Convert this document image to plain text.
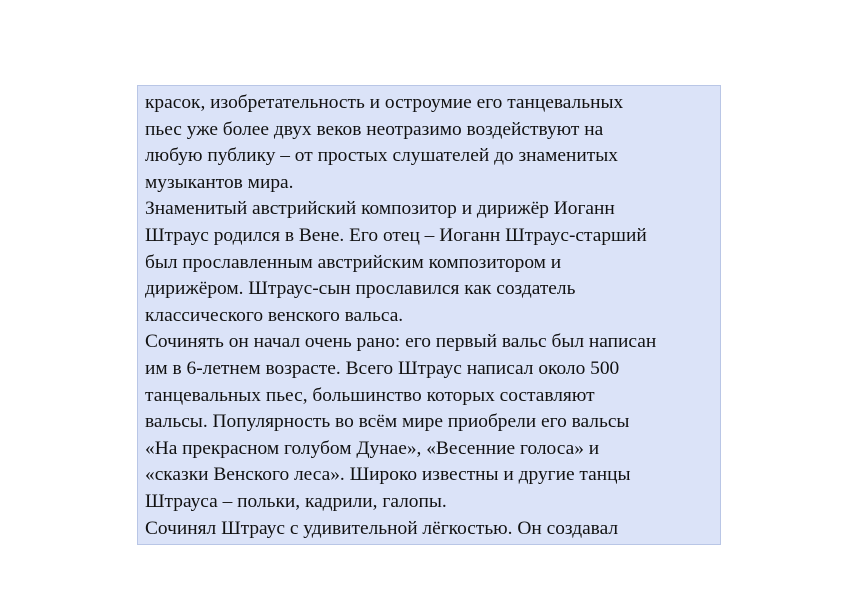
красок, изобретательность и остроумие его танцевальных
пьес уже более двух веков неотразимо воздействуют на
любую публику – от простых слушателей до знаменитых
музыкантов мира.
Знаменитый австрийский композитор и дирижёр Иоганн
Штраус родился в Вене. Его отец – Иоганн Штраус-старший
был прославленным австрийским композитором и
дирижёром. Штраус-сын прославился как создатель
классического венского вальса.
Сочинять он начал очень рано: его первый вальс был написан
им в 6-летнем возрасте. Всего Штраус написал около 500
танцевальных пьес, большинство которых составляют
вальсы. Популярность во всём мире приобрели его вальсы
«На прекрасном голубом Дунае», «Весенние голоса» и
«сказки Венского леса». Широко известны и другие танцы
Штрауса – польки, кадрили, галопы.
Сочинял Штраус с удивительной лёгкостью. Он создавал
